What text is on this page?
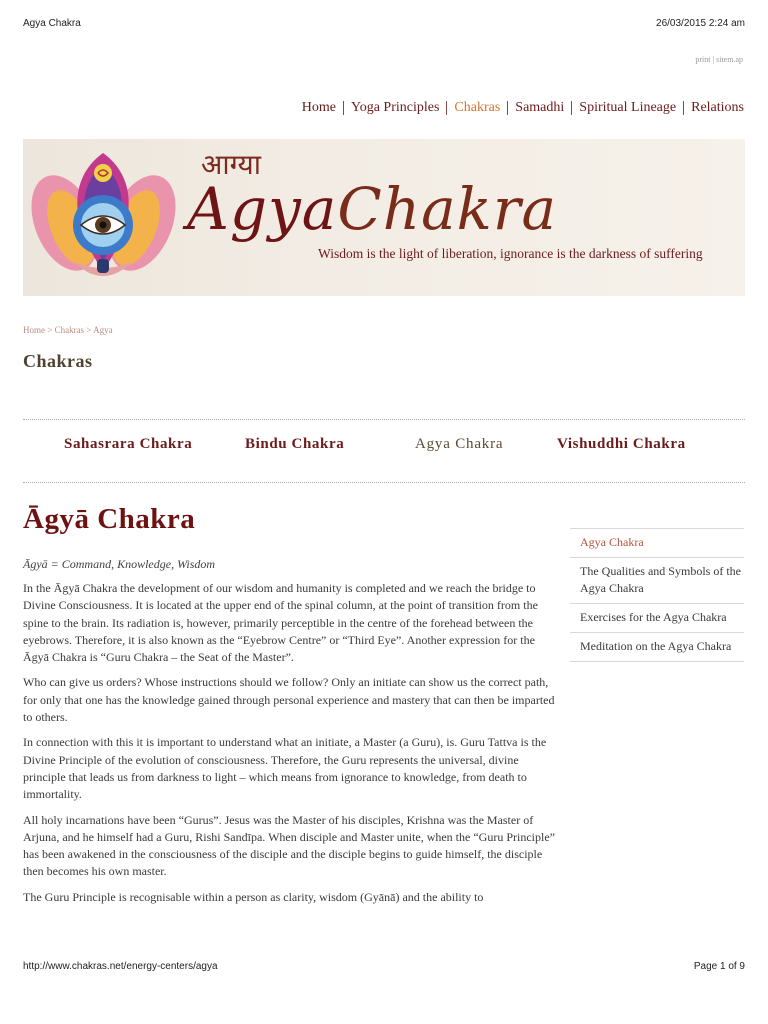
Agya Chakra	26/03/2015 2:24 am
print | sitem.ap
Home Yoga Principles Chakras Samadhi Spiritual Lineage Relations
आग्या
AgyaChakra
Wisdom is the light of liberation, ignorance is the darkness of suffering
Home > Chakras > Agya
Chakras
Sahasrara Chakra	Bindu Chakra	Agya Chakra	Vishuddhi Chakra
Āgyā Chakra
Āgyā = Command, Knowledge, Wisdom

In the Āgyā Chakra the development of our wisdom and humanity is completed and we reach the bridge to Divine Consciousness. It is located at the upper end of the spinal column, at the point of transition from the spine to the brain. Its radiation is, however, primarily perceptible in the centre of the forehead between the eyebrows. Therefore, it is also known as the “Eyebrow Centre” or “Third Eye”. Another expression for the Āgyā Chakra is “Guru Chakra – the Seat of the Master”.

Who can give us orders? Whose instructions should we follow? Only an initiate can show us the correct path, for only that one has the knowledge gained through personal experience and mastery that can then be imparted to others.

In connection with this it is important to understand what an initiate, a Master (a Guru), is. Guru Tattva is the Divine Principle of the evolution of consciousness. Therefore, the Guru represents the universal, divine principle that leads us from darkness to light – which means from ignorance to knowledge, from death to immortality.

All holy incarnations have been “Gurus”. Jesus was the Master of his disciples, Krishna was the Master of Arjuna, and he himself had a Guru, Rishi Sandīpa. When disciple and Master unite, when the “Guru Principle” has been awakened in the consciousness of the disciple and the disciple begins to guide himself, the disciple then becomes his own master.

The Guru Principle is recognisable within a person as clarity, wisdom (Gyānā) and the ability to

Agya Chakra
The Qualities and Symbols of the Agya Chakra
Exercises for the Agya Chakra
Meditation on the Agya Chakra
http://www.chakras.net/energy-centers/agya	Page 1 of 9
